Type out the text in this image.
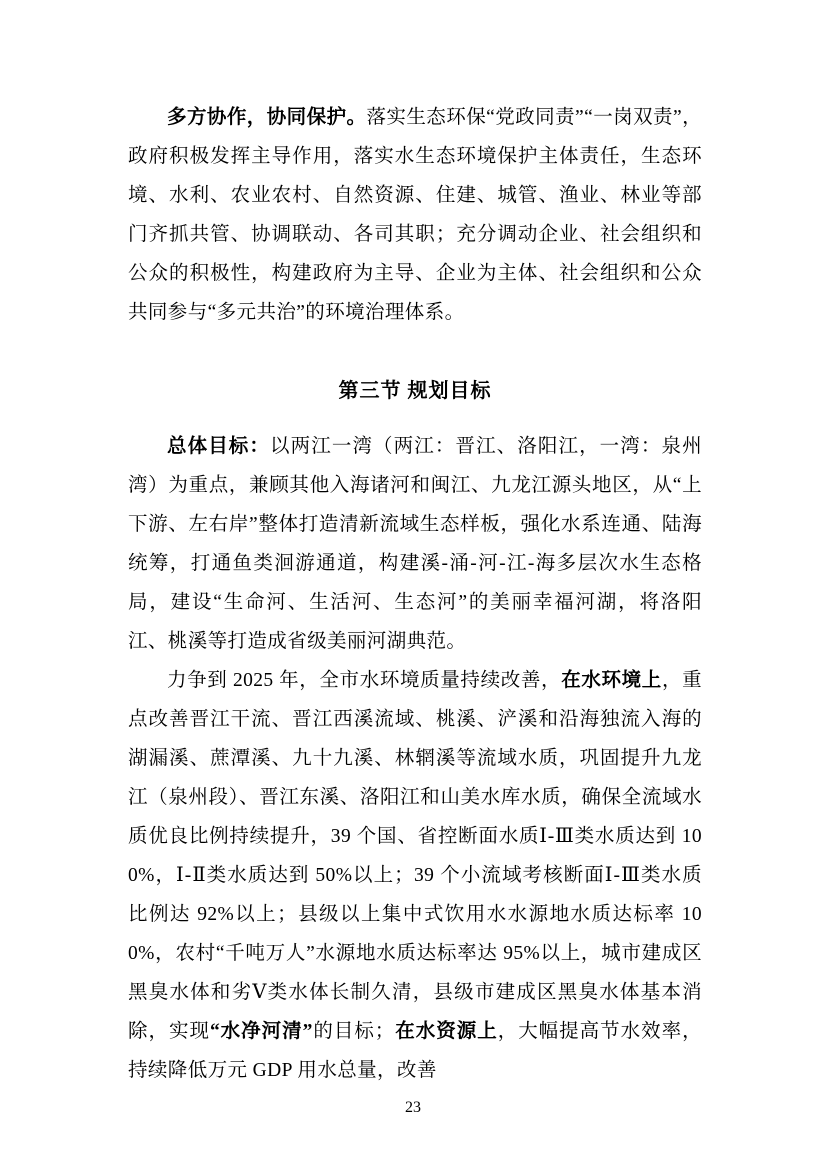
多方协作，协同保护。落实生态环保“党政同责”“一岗双责”，政府积极发挥主导作用，落实水生态环境保护主体责任，生态环境、水利、农业农村、自然资源、住建、城管、渔业、林业等部门齐抓共管、协调联动、各司其职；充分调动企业、社会组织和公众的积极性，构建政府为主导、企业为主体、社会组织和公众共同参与“多元共治”的环境治理体系。

第三节 规划目标

总体目标：以两江一湾（两江：晋江、洛阳江，一湾：泉州湾）为重点，兼顾其他入海诸河和闽江、九龙江源头地区，从“上下游、左右岸”整体打造清新流域生态样板，强化水系连通、陆海统筹，打通鱼类洄游通道，构建溪-涌-河-江-海多层次水生态格局，建设“生命河、生活河、生态河”的美丽幸福河湖，将洛阳江、桃溪等打造成省级美丽河湖典范。

力争到 2025 年，全市水环境质量持续改善，在水环境上，重点改善晋江干流、晋江西溪流域、桃溪、浐溪和沿海独流入海的湖漏溪、蔗潭溪、九十九溪、林辋溪等流域水质，巩固提升九龙江（泉州段）、晋江东溪、洛阳江和山美水库水质，确保全流域水质优良比例持续提升，39 个国、省控断面水质Ⅰ-Ⅲ类水质达到 100%，Ⅰ-Ⅱ类水质达到 50%以上；39 个小流域考核断面Ⅰ-Ⅲ类水质比例达 92%以上；县级以上集中式饮用水水源地水质达标率 100%，农村“千吨万人”水源地水质达标率达 95%以上，城市建成区黑臭水体和劣Ⅴ类水体长制久清，县级市建成区黑臭水体基本消除，实现“水净河清”的目标；在水资源上，大幅提高节水效率，持续降低万元 GDP 用水总量，改善

23
